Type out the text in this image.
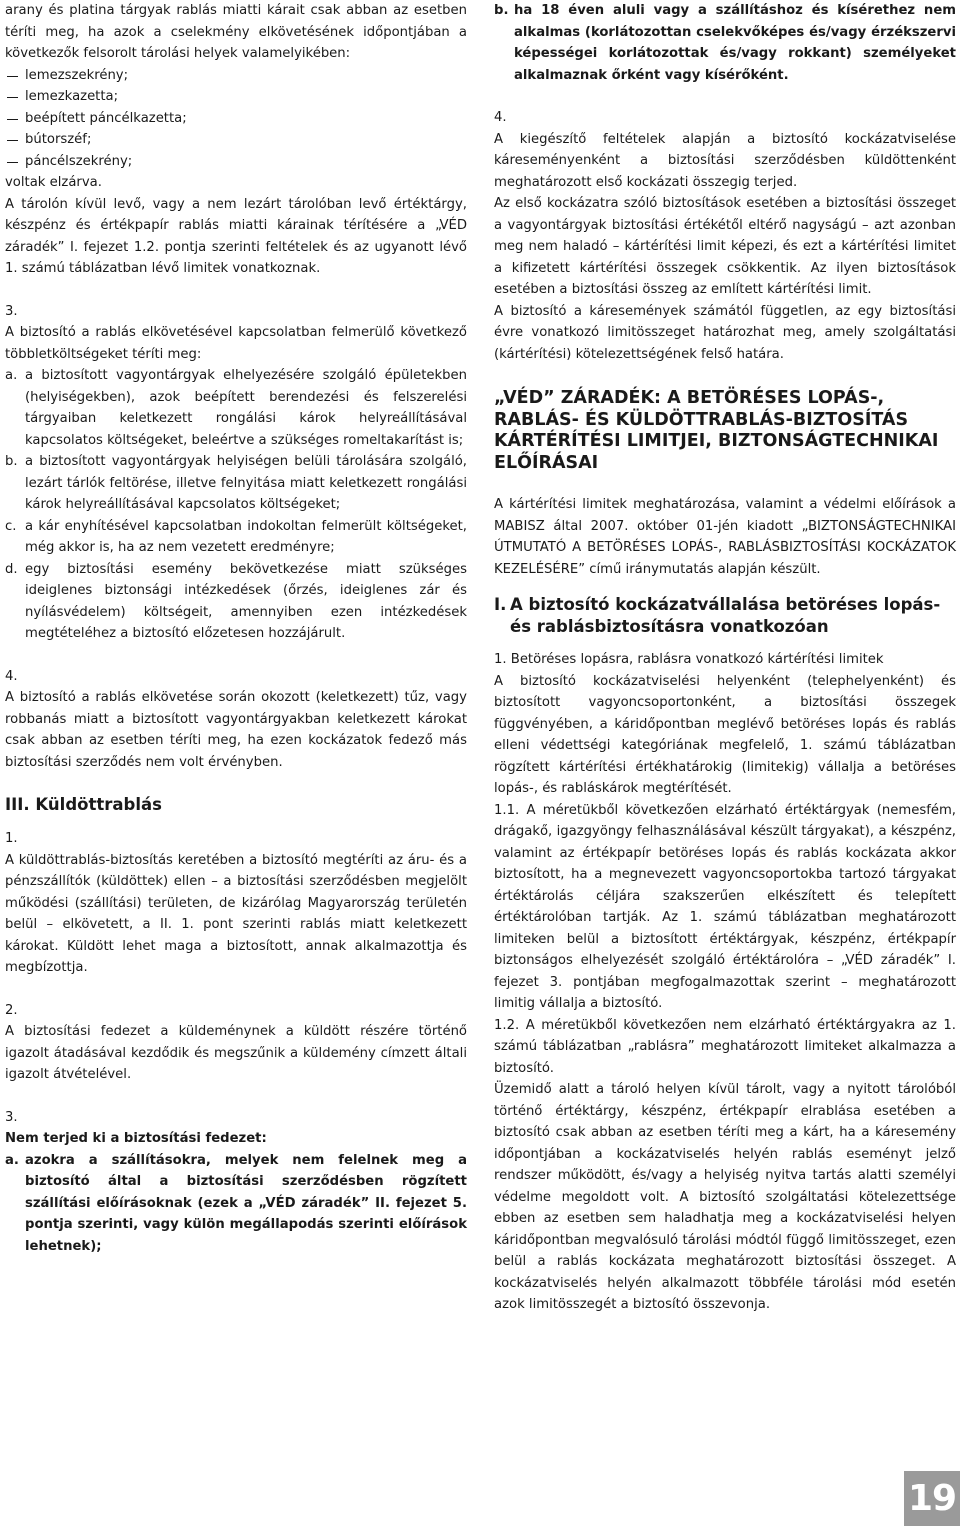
arany és platina tárgyak rablás miatti kárait csak abban az esetben téríti meg, ha azok a cselekmény elkövetésének időpontjában a következők felsorolt tárolási helyek valamelyikében:

lemezszekrény;

lemezkazetta;

beépített páncélkazetta;

bútorszéf;

páncélszekrény;

voltak elzárva.

A tárolón kívül levő, vagy a nem lezárt tárolóban levő értéktárgy, készpénz és értékpapír rablás miatti kárainak térítésére a „VÉD záradék” I. fejezet 1.2. pontja szerinti feltételek és az ugyanott lévő 1. számú táblázatban lévő limitek vonatkoznak.

3.

A biztosító a rablás elkövetésével kapcsolatban felmerülő következő többletköltségeket téríti meg:

a. a biztosított vagyontárgyak elhelyezésére szolgáló épületekben (helyiségekben), azok beépített berendezési és felszerelési tárgyaiban keletkezett rongálási károk helyreállításával kapcsolatos költségeket, beleértve a szükséges romeltakarítást is;

b. a biztosított vagyontárgyak helyiségen belüli tárolására szolgáló, lezárt tárlók feltörése, illetve felnyitása miatt keletkezett rongálási károk helyreállításával kapcsolatos költségeket;

c. a kár enyhítésével kapcsolatban indokoltan felmerült költségeket, még akkor is, ha az nem vezetett eredményre;

d. egy biztosítási esemény bekövetkezése miatt szükséges ideiglenes biztonsági intézkedések (őrzés, ideiglenes zár és nyílásvédelem) költségeit, amennyiben ezen intézkedések megtételéhez a biztosító előzetesen hozzájárult.

4.

A biztosító a rablás elkövetése során okozott (keletkezett) tűz, vagy robbanás miatt a biztosított vagyontárgyakban keletkezett károkat csak abban az esetben téríti meg, ha ezen kockázatok fedező más biztosítási szerződés nem volt érvényben.

III. Küldöttrablás

1.

A küldöttrablás-biztosítás keretében a biztosító megtéríti az áru- és a pénzszállítók (küldöttek) ellen – a biztosítási szerződésben megjelölt működési (szállítási) területen, de kizárólag Magyarország területén belül – elkövetett, a II. 1. pont szerinti rablás miatt keletkezett károkat. Küldött lehet maga a biztosított, annak alkalmazottja és megbízottja.

2.

A biztosítási fedezet a küldeménynek a küldött részére történő igazolt átadásával kezdődik és megszűnik a küldemény címzett általi igazolt átvételével.

3.

Nem terjed ki a biztosítási fedezet:

a. azokra a szállításokra, melyek nem felelnek meg a biztosító által a biztosítási szerződésben rögzített szállítási előírásoknak (ezek a „VÉD záradék” II. fejezet 5. pontja szerinti, vagy külön megállapodás szerinti előírások lehetnek);

b. ha 18 éven aluli vagy a szállításhoz és kísérethez nem alkalmas (korlátozottan cselekvőképes és/vagy érzékszervi képességei korlátozottak és/vagy rokkant) személyeket alkalmaznak őrként vagy kísérőként.

4.

A kiegészítő feltételek alapján a biztosító kockázatviselése káreseményenként a biztosítási szerződésben küldöttenként meghatározott első kockázati összegig terjed.

Az első kockázatra szóló biztosítások esetében a biztosítási összeget a vagyontárgyak biztosítási értékétől eltérő nagyságú – azt azonban meg nem haladó – kártérítési limit képezi, és ezt a kártérítési limitet a kifizetett kártérítési összegek csökkentik. Az ilyen biztosítások esetében a biztosítási összeg az említett kártérítési limit.

A biztosító a káresemények számától független, az egy biztosítási évre vonatkozó limitösszeget határozhat meg, amely szolgáltatási (kártérítési) kötelezettségének felső határa.

„VÉD” ZÁRADÉK: A BETÖRÉSES LOPÁS-, RABLÁS- ÉS KÜLDÖTTRABLÁS-BIZTOSÍTÁS KÁRTÉRÍTÉSI LIMITJEI, BIZTONSÁGTECHNIKAI ELŐÍRÁSAI

A kártérítési limitek meghatározása, valamint a védelmi előírások a MABISZ által 2007. október 01-jén kiadott „BIZTONSÁGTECHNIKAI ÚTMUTATÓ A BETÖRÉSES LOPÁS-, RABLÁSBIZTOSÍTÁSI KOCKÁZATOK KEZELÉSÉRE” című iránymutatás alapján készült.

I. A biztosító kockázatvállalása betöréses lopás- és rablásbiztosításra vonatkozóan

1. Betöréses lopásra, rablásra vonatkozó kártérítési limitek

A biztosító kockázatviselési helyenként (telephelyenként) és biztosított vagyoncsoportonként, a biztosítási összegek függvényében, a káridőpontban meglévő betöréses lopás és rablás elleni védettségi kategóriának megfelelő, 1. számú táblázatban rögzített kártérítési értékhatárokig (limitekig) vállalja a betöréses lopás-, és rabláskárok megtérítését.

1.1. A méretükből következően elzárható értéktárgyak (nemesfém, drágakő, igazgyöngy felhasználásával készült tárgyakat), a készpénz, valamint az értékpapír betöréses lopás és rablás kockázata akkor biztosított, ha a megnevezett vagyoncsoportokba tartozó tárgyakat értéktárolás céljára szakszerűen elkészített és telepített értéktárolóban tartják. Az 1. számú táblázatban meghatározott limiteken belül a biztosított értéktárgyak, készpénz, értékpapír biztonságos elhelyezését szolgáló értéktárolóra – „VÉD záradék” I. fejezet 3. pontjában megfogalmazottak szerint – meghatározott limitig vállalja a biztosító.

1.2. A méretükből következően nem elzárható értéktárgyakra az 1. számú táblázatban „rablásra” meghatározott limiteket alkalmazza a biztosító.

Üzemidő alatt a tároló helyen kívül tárolt, vagy a nyitott tárolóból történő értéktárgy, készpénz, értékpapír elrablása esetében a biztosító csak abban az esetben téríti meg a kárt, ha a káresemény időpontjában a kockázatviselés helyén rablás eseményt jelző rendszer működött, és/vagy a helyiség nyitva tartás alatti személyi védelme megoldott volt. A biztosító szolgáltatási kötelezettsége ebben az esetben sem haladhatja meg a kockázatviselési helyen káridőpontban megvalósuló tárolási módtól függő limitösszeget, ezen belül a rablás kockázata meghatározott biztosítási összeget. A kockázatviselés helyén alkalmazott többféle tárolási mód esetén azok limitösszegét a biztosító összevonja.

19
